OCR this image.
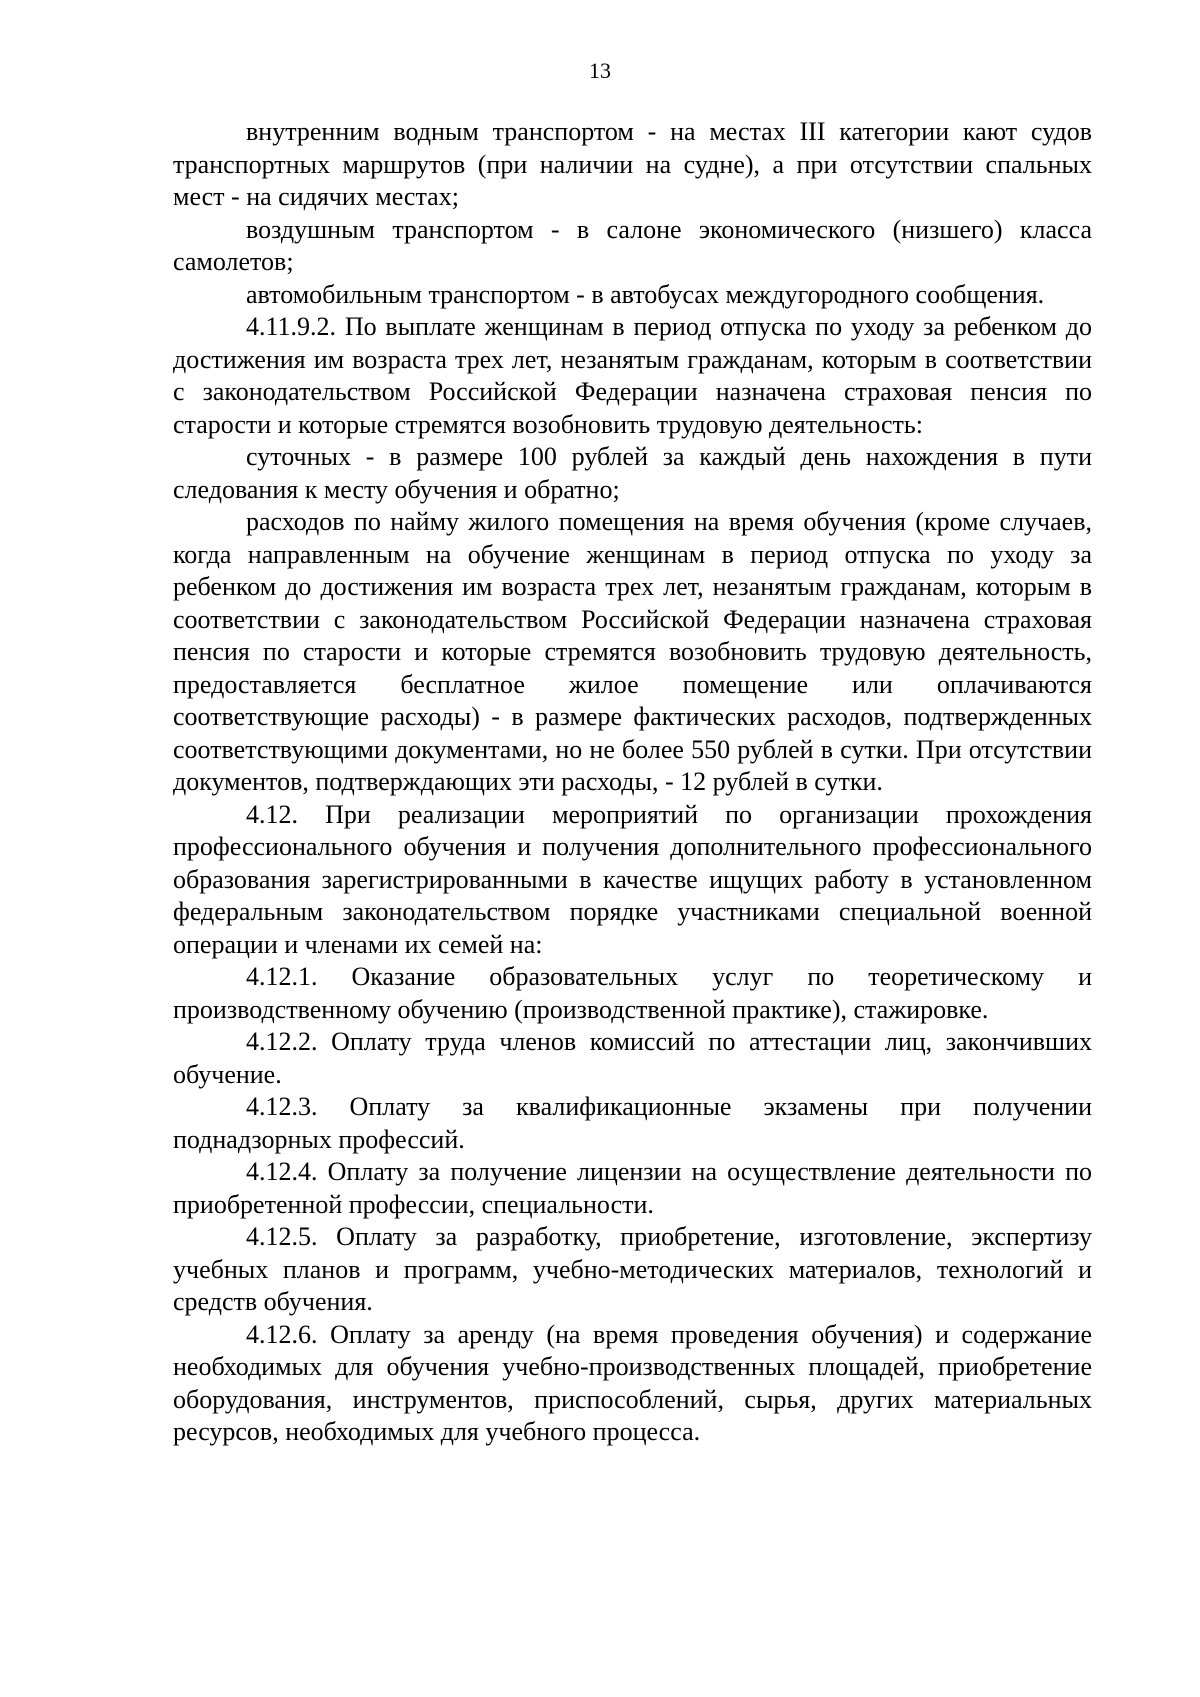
13

внутренним водным транспортом - на местах III категории кают судов транспортных маршрутов (при наличии на судне), а при отсутствии спальных мест - на сидячих местах;

воздушным транспортом - в салоне экономического (низшего) класса самолетов;

автомобильным транспортом - в автобусах междугородного сообщения.

4.11.9.2. По выплате женщинам в период отпуска по уходу за ребенком до достижения им возраста трех лет, незанятым гражданам, которым в соответствии с законодательством Российской Федерации назначена страховая пенсия по старости и которые стремятся возобновить трудовую деятельность:

суточных - в размере 100 рублей за каждый день нахождения в пути следования к месту обучения и обратно;

расходов по найму жилого помещения на время обучения (кроме случаев, когда направленным на обучение женщинам в период отпуска по уходу за ребенком до достижения им возраста трех лет, незанятым гражданам, которым в соответствии с законодательством Российской Федерации назначена страховая пенсия по старости и которые стремятся возобновить трудовую деятельность, предоставляется бесплатное жилое помещение или оплачиваются соответствующие расходы) - в размере фактических расходов, подтвержденных соответствующими документами, но не более 550 рублей в сутки. При отсутствии документов, подтверждающих эти расходы, - 12 рублей в сутки.

4.12. При реализации мероприятий по организации прохождения профессионального обучения и получения дополнительного профессионального образования зарегистрированными в качестве ищущих работу в установленном федеральным законодательством порядке участниками специальной военной операции и членами их семей на:

4.12.1. Оказание образовательных услуг по теоретическому и производственному обучению (производственной практике), стажировке.

4.12.2. Оплату труда членов комиссий по аттестации лиц, закончивших обучение.

4.12.3. Оплату за квалификационные экзамены при получении поднадзорных профессий.

4.12.4. Оплату за получение лицензии на осуществление деятельности по приобретенной профессии, специальности.

4.12.5. Оплату за разработку, приобретение, изготовление, экспертизу учебных планов и программ, учебно-методических материалов, технологий и средств обучения.

4.12.6. Оплату за аренду (на время проведения обучения) и содержание необходимых для обучения учебно-производственных площадей, приобретение оборудования, инструментов, приспособлений, сырья, других материальных ресурсов, необходимых для учебного процесса.
